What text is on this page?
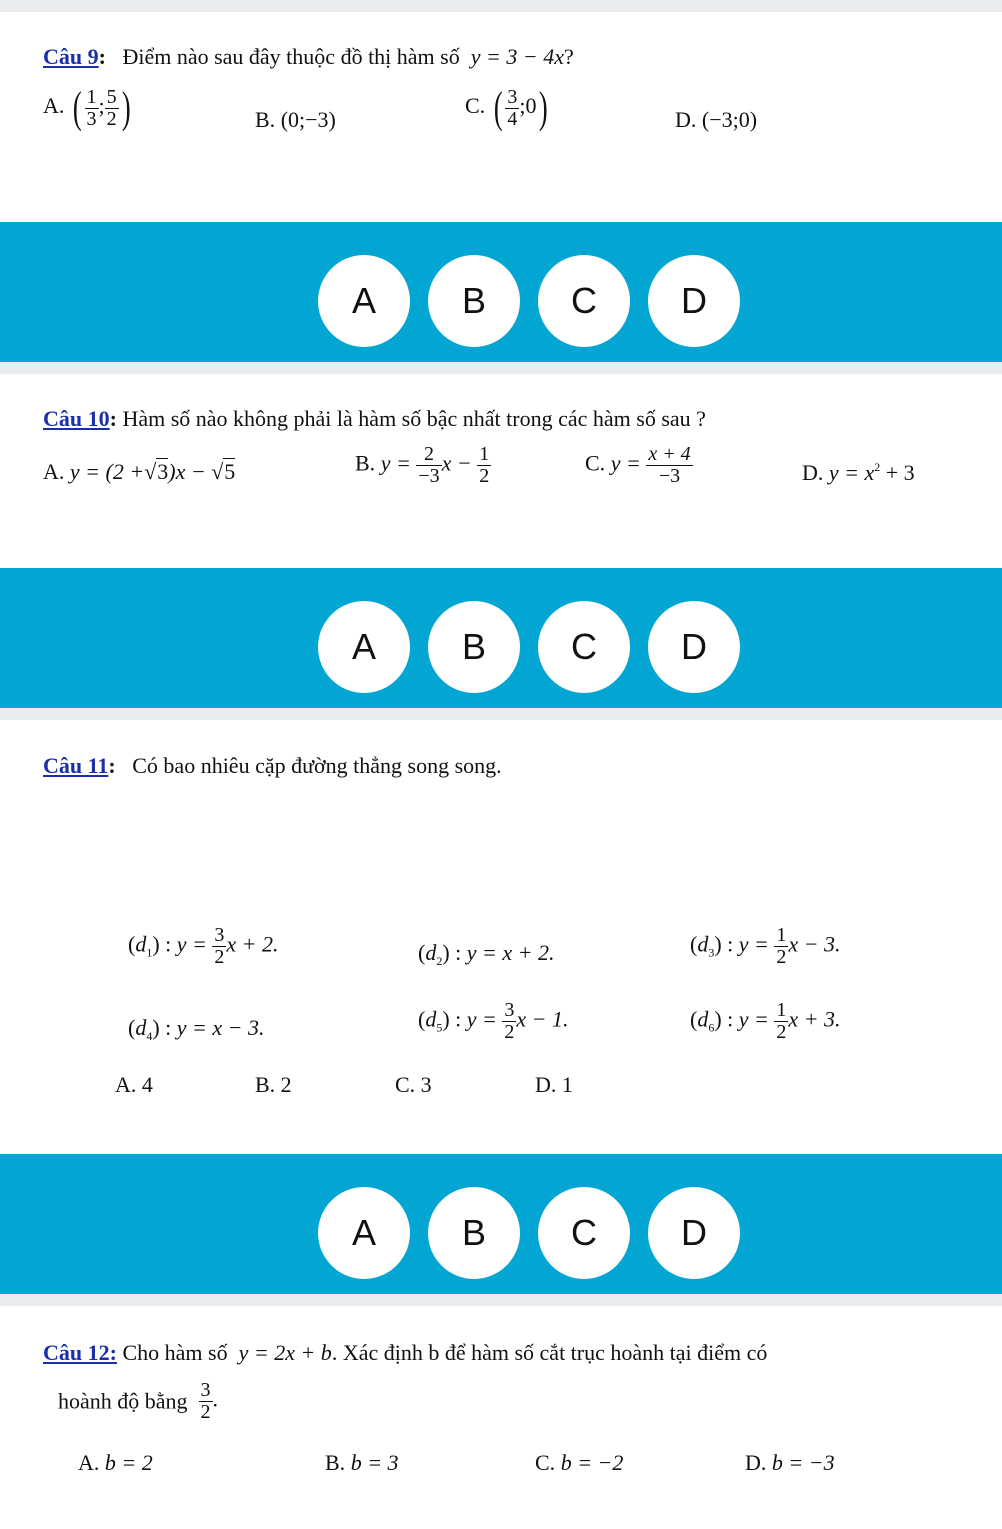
Câu 9: Điểm nào sau đây thuộc đồ thị hàm số y = 3 − 4x?
A. ( $\frac{1}{3}$ ; $\frac{5}{2}$ )	B. (0;−3)
C. ( $\frac{3}{4}$ ;0)	D. (−3;0)
A	B	C	D
Câu 10: Hàm số nào không phải là hàm số bậc nhất trong các hàm số sau ?
A. y = (2 +√3)x − √5	B. $y = \frac{2}{-3}$ $x - \frac{1}{2}$	C. $y = \frac{x + 4}{-3}$	D. $y = x^2 + 3$
A	B	C	D
Câu 11: Có bao nhiêu cặp đường thẳng song song.
$(d_1)$ : $y = \frac{3}{2}$ x + 2.	$(d_2)$ : y = x + 2.	$(d_3)$ : $y = \frac{1}{2}$ x − 3.
$(d_4)$ : y = x − 3.	$(d_5)$ : $y = \frac{3}{2}$ x − 1.	$(d_6)$ : $y = \frac{1}{2}$ x + 3.
A. 4	B. 2	C. 3	D. 1
A	B	C	D
Câu 12: Cho hàm số y = 2x + b. Xác định b để hàm số cắt trục hoành tại điểm có
hoành độ bằng $\frac{3}{2}$ .
A. b = 2	B. b = 3	C. b = −2	D. b = −3
